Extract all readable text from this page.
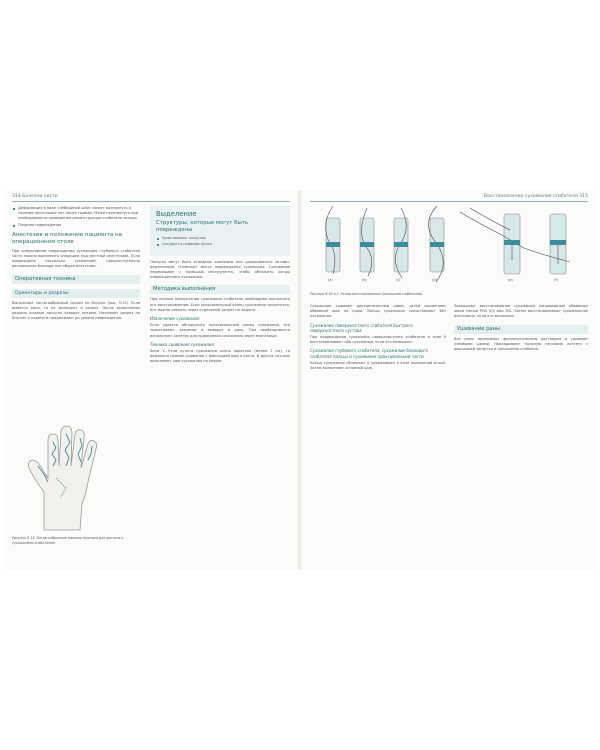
314 Болезни кисти
Деформация в виде «лебединой шеи» может возникнуть в течение нескольких лет после травмы. Может возникнуть при необходимости проведения реконструкции сгибателя пальца
Поздние повреждения
Анестезия и положение пациента на операционном столе

При оперативном повреждении сухожилия глубокого сгибателя часто можно выполнить операцию под местной анестезией. Если повреждено несколько сухожилий, предпочтительна регионарная блокада или общая анестезия.

Оперативная техника
Ориентиры и разрезы

Выполняют зигзагообразный разрез по Brunner (рис. 9.15). Если имеется рана, то ее включают в разрез. После выполнения разреза кожные лоскуты отводят нитями. Начинают разрез по Brunner к ладони и продолжают до уровня повреждения.

Рисунок 9.15. Зигзагообразные разрезы Брунера для доступа к сухожилиям сгибателей.
Выделение
Структуры, которые могут быть повреждены
Края кожных лоскутов
Сосудисто-нервные пучки

Лоскуты могут быть отведены крючками или удерживаться нитями-держалками. Отмечают места повреждения сухожилия. Сухожилие перемещают с помощью инструмента, чтобы обнажить концы поврежденного сухожилия.

Методика выполнения

При полном пересечении сухожилия сгибателя необходимо выполнить его восстановление. Если проксимальный конец сухожилия сократился, его можно извлечь через отдельный разрез на ладони.

Извлечение сухожилия

Если удается обнаружить проксимальный конец сухожилия, его захватывают зажимом и выводят в рану. При необходимости используют катетер для проведения сухожилия через влагалище.

Техника сшивания сухожилия

Зона 1. Если культя сухожилия очень короткая (менее 1 см), то возможно прямое сшивание с фиксацией шва к кости. В других случаях выполняют шов сухожилия по Kessler.

Восстановление сухожилия сгибателя 315
(a)	(b)	(c)	(d)	(e)	(f)
Рисунок 9.16 a–f. Этапы восстановления сухожилий сгибателей.

Сухожилие сшивают двухцепочечным швом, затем выполняют обвивной шов по краю. Концы сухожилия сопоставляют без натяжения.

Сухожилие поверхностного сгибателя быстрого поверхностного сустава

При повреждении сухожилия поверхностного сгибателя в зоне II восстанавливают оба сухожилия, если это возможно.

Сухожилие глубокого сгибателя, сухожилие блокового сгибателя пальца и сухожилие проксимальной части

Концы сухожилия сближают и удерживают в этом положении иглой. Затем выполняют основной шов.

Завершают восстановление сухожилия непрерывным обвивным швом нитью PDS 5/0 или 6/0. Затем восстанавливают сухожильное влагалище, если это возможно.

Ушивание раны

Все раны промывают физиологическим раствором и ушивают узловыми швами. Накладывают тыльную гипсовую лонгету с фиксацией запястья в положении сгибания.
